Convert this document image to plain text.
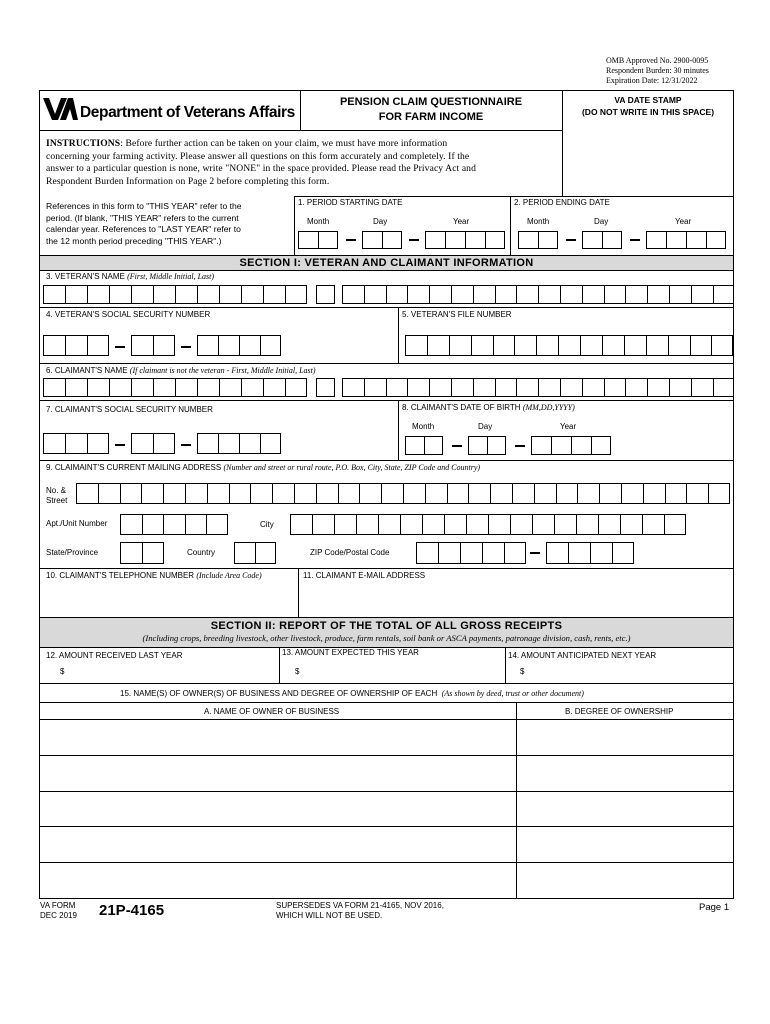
OMB Approved No. 2900-0095
Respondent Burden: 30 minutes
Expiration Date: 12/31/2022
Department of Veterans Affairs
PENSION CLAIM QUESTIONNAIRE
FOR FARM INCOME
VA DATE STAMP
(DO NOT WRITE IN THIS SPACE)
INSTRUCTIONS: Before further action can be taken on your claim, we must have more information
concerning your farming activity. Please answer all questions on this form accurately and completely. If the
answer to a particular question is none, write "NONE" in the space provided. Please read the Privacy Act and
Respondent Burden Information on Page 2 before completing this form.
References in this form to "THIS YEAR" refer to the
period. (If blank, "THIS YEAR" refers to the current
calendar year. References to "LAST YEAR" refer to
the 12 month period preceding "THIS YEAR".)
1. PERIOD STARTING DATE
Month	Day	Year
2. PERIOD ENDING DATE
Month	Day	Year
SECTION I: VETERAN AND CLAIMANT INFORMATION
3. VETERAN'S NAME (First, Middle Initial, Last)
4. VETERAN'S SOCIAL SECURITY NUMBER	5. VETERAN'S FILE NUMBER
6. CLAIMANT'S NAME (If claimant is not the veteran - First, Middle Initial, Last)
7. CLAIMANT'S SOCIAL SECURITY NUMBER	8. CLAIMANT'S DATE OF BIRTH (MM,DD,YYYY)
Month	Day	Year
9. CLAIMAINT'S CURRENT MAILING ADDRESS (Number and street or rural route, P.O. Box, City, State, ZIP Code and Country)
No. &
Street
Apt./Unit Number	City
State/Province	Country	ZIP Code/Postal Code
10. CLAIMANT'S TELEPHONE NUMBER (Include Area Code)	11. CLAIMANT E-MAIL ADDRESS
SECTION II: REPORT OF THE TOTAL OF ALL GROSS RECEIPTS
(Including crops, breeding livestock, other livestock, produce, farm rentals, soil bank or ASCA payments, patronage division, cash, rents, etc.)
12. AMOUNT RECEIVED LAST YEAR
$
13. AMOUNT EXPECTED THIS YEAR
$
14. AMOUNT ANTICIPATED NEXT YEAR
$
15. NAME(S) OF OWNER(S) OF BUSINESS AND DEGREE OF OWNERSHIP OF EACH (As shown by deed, trust or other document)
A. NAME OF OWNER OF BUSINESS	B. DEGREE OF OWNERSHIP
VA FORM
DEC 2019 21P-4165	SUPERSEDES VA FORM 21-4165, NOV 2016,
WHICH WILL NOT BE USED.
Page 1
